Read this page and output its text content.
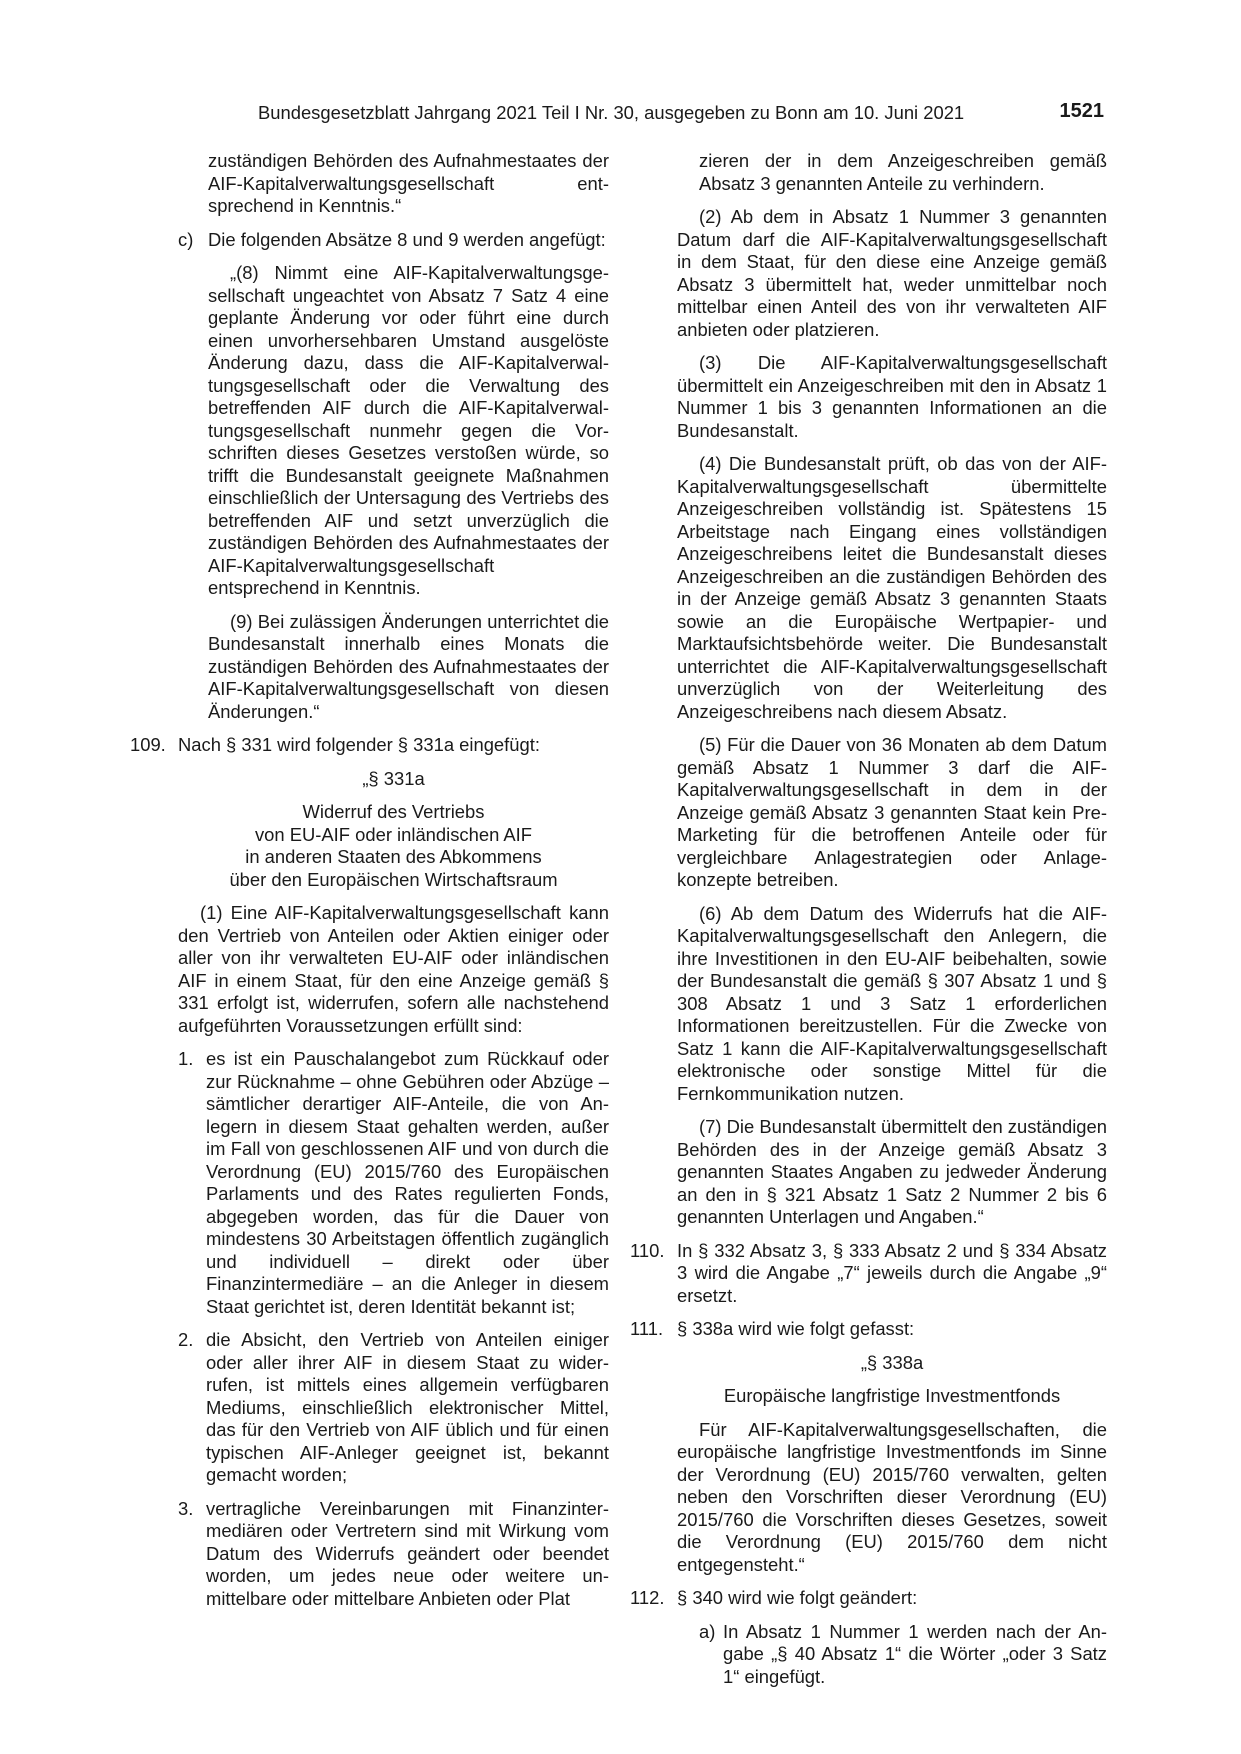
Bundesgesetzblatt Jahrgang 2021 Teil I Nr. 30, ausgegeben zu Bonn am 10. Juni 2021	1521

zuständigen Behörden des Aufnahmestaates der AIF-Kapitalverwaltungsgesellschaft entsprechend in Kenntnis.“

c) Die folgenden Absätze 8 und 9 werden angefügt:

„(8) Nimmt eine AIF-Kapitalverwaltungsgesellschaft ungeachtet von Absatz 7 Satz 4 eine geplante Änderung vor oder führt eine durch einen unvorhersehbaren Umstand ausgelöste Änderung dazu, dass die AIF-Kapitalverwaltungsgesellschaft oder die Verwaltung des betreffenden AIF durch die AIF-Kapitalverwaltungsgesellschaft nunmehr gegen die Vorschriften dieses Gesetzes verstoßen würde, so trifft die Bundesanstalt geeignete Maßnahmen einschließlich der Untersagung des Vertriebs des betreffenden AIF und setzt unverzüglich die zuständigen Behörden des Aufnahmestaates der AIF-Kapitalverwaltungsgesellschaft entsprechend in Kenntnis.

(9) Bei zulässigen Änderungen unterrichtet die Bundesanstalt innerhalb eines Monats die zuständigen Behörden des Aufnahmestaates der AIF-Kapitalverwaltungsgesellschaft von diesen Änderungen.“

109. Nach § 331 wird folgender § 331a eingefügt:

„§ 331a

Widerruf des Vertriebs
von EU-AIF oder inländischen AIF
in anderen Staaten des Abkommens
über den Europäischen Wirtschaftsraum

(1) Eine AIF-Kapitalverwaltungsgesellschaft kann den Vertrieb von Anteilen oder Aktien einiger oder aller von ihr verwalteten EU-AIF oder inländischen AIF in einem Staat, für den eine Anzeige gemäß § 331 erfolgt ist, widerrufen, sofern alle nachstehend aufgeführten Voraussetzungen erfüllt sind:

1. es ist ein Pauschalangebot zum Rückkauf oder zur Rücknahme – ohne Gebühren oder Abzüge – sämtlicher derartiger AIF-Anteile, die von Anlegern in diesem Staat gehalten werden, außer im Fall von geschlossenen AIF und von durch die Verordnung (EU) 2015/760 des Europäischen Parlaments und des Rates regulierten Fonds, abgegeben worden, das für die Dauer von mindestens 30 Arbeitstagen öffentlich zugänglich und individuell – direkt oder über Finanzintermediäre – an die Anleger in diesem Staat gerichtet ist, deren Identität bekannt ist;
2. die Absicht, den Vertrieb von Anteilen einiger oder aller ihrer AIF in diesem Staat zu widerrufen, ist mittels eines allgemein verfügbaren Mediums, einschließlich elektronischer Mittel, das für den Vertrieb von AIF üblich und für einen typischen AIF-Anleger geeignet ist, bekannt gemacht worden;
3. vertragliche Vereinbarungen mit Finanzintermediären oder Vertretern sind mit Wirkung vom Datum des Widerrufs geändert oder beendet worden, um jedes neue oder weitere unmittelbare oder mittelbare Anbieten oder Plat

zieren der in dem Anzeigeschreiben gemäß Absatz 3 genannten Anteile zu verhindern.

(2) Ab dem in Absatz 1 Nummer 3 genannten Datum darf die AIF-Kapitalverwaltungsgesellschaft in dem Staat, für den diese eine Anzeige gemäß Absatz 3 übermittelt hat, weder unmittelbar noch mittelbar einen Anteil des von ihr verwalteten AIF anbieten oder platzieren.

(3) Die AIF-Kapitalverwaltungsgesellschaft übermittelt ein Anzeigeschreiben mit den in Absatz 1 Nummer 1 bis 3 genannten Informationen an die Bundesanstalt.

(4) Die Bundesanstalt prüft, ob das von der AIF-Kapitalverwaltungsgesellschaft übermittelte Anzeigeschreiben vollständig ist. Spätestens 15 Arbeitstage nach Eingang eines vollständigen Anzeigeschreibens leitet die Bundesanstalt dieses Anzeigeschreiben an die zuständigen Behörden des in der Anzeige gemäß Absatz 3 genannten Staats sowie an die Europäische Wertpapier- und Marktaufsichtsbehörde weiter. Die Bundesanstalt unterrichtet die AIF-Kapitalverwaltungsgesellschaft unverzüglich von der Weiterleitung des Anzeigeschreibens nach diesem Absatz.

(5) Für die Dauer von 36 Monaten ab dem Datum gemäß Absatz 1 Nummer 3 darf die AIF-Kapitalverwaltungsgesellschaft in dem in der Anzeige gemäß Absatz 3 genannten Staat kein Pre-Marketing für die betroffenen Anteile oder für vergleichbare Anlagestrategien oder Anlagekonzepte betreiben.

(6) Ab dem Datum des Widerrufs hat die AIF-Kapitalverwaltungsgesellschaft den Anlegern, die ihre Investitionen in den EU-AIF beibehalten, sowie der Bundesanstalt die gemäß § 307 Absatz 1 und § 308 Absatz 1 und 3 Satz 1 erforderlichen Informationen bereitzustellen. Für die Zwecke von Satz 1 kann die AIF-Kapitalverwaltungsgesellschaft elektronische oder sonstige Mittel für die Fernkommunikation nutzen.

(7) Die Bundesanstalt übermittelt den zuständigen Behörden des in der Anzeige gemäß Absatz 3 genannten Staates Angaben zu jedweder Änderung an den in § 321 Absatz 1 Satz 2 Nummer 2 bis 6 genannten Unterlagen und Angaben.“

110. In § 332 Absatz 3, § 333 Absatz 2 und § 334 Absatz 3 wird die Angabe „7“ jeweils durch die Angabe „9“ ersetzt.
111. § 338a wird wie folgt gefasst:

„§ 338a

Europäische langfristige Investmentfonds

Für AIF-Kapitalverwaltungsgesellschaften, die europäische langfristige Investmentfonds im Sinne der Verordnung (EU) 2015/760 verwalten, gelten neben den Vorschriften dieser Verordnung (EU) 2015/760 die Vorschriften dieses Gesetzes, soweit die Verordnung (EU) 2015/760 dem nicht entgegensteht.“

112. § 340 wird wie folgt geändert:
a) In Absatz 1 Nummer 1 werden nach der Angabe „§ 40 Absatz 1“ die Wörter „oder 3 Satz 1“ eingefügt.
